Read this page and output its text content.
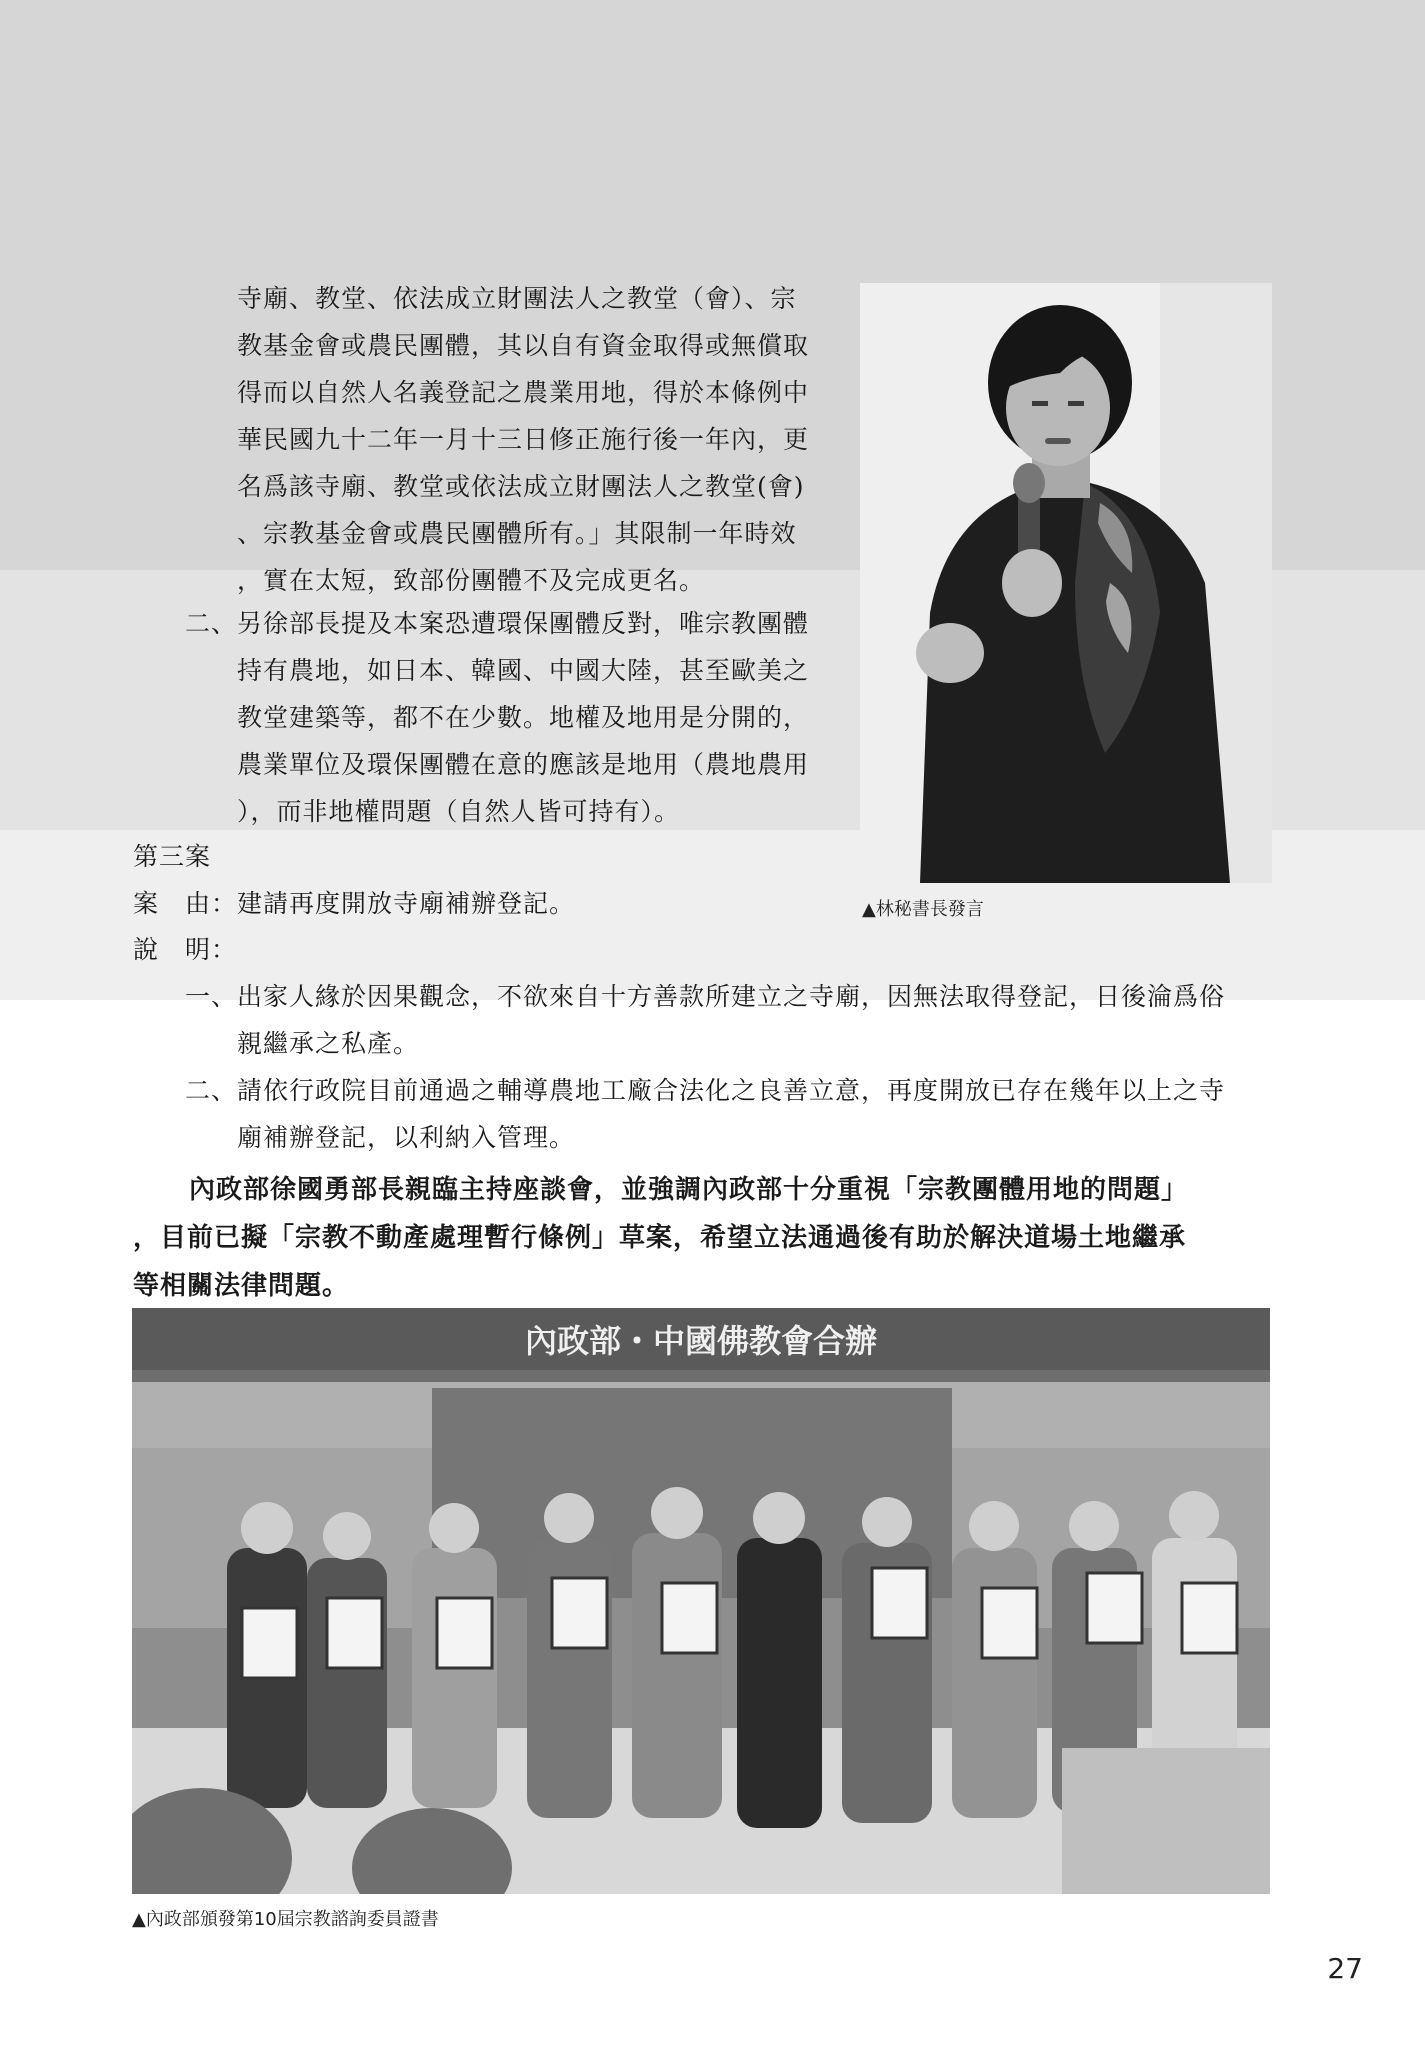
寺廟、教堂、依法成立財團法人之教堂（會）、宗
教基金會或農民團體，其以自有資金取得或無償取
得而以自然人名義登記之農業用地，得於本條例中
華民國九十二年一月十三日修正施行後一年內，更
名爲該寺廟、教堂或依法成立財團法人之教堂(會)
、宗教基金會或農民團體所有。」其限制一年時效
，實在太短，致部份團體不及完成更名。
二、另徐部長提及本案恐遭環保團體反對，唯宗教團體
持有農地，如日本、韓國、中國大陸，甚至歐美之
教堂建築等，都不在少數。地權及地用是分開的，
農業單位及環保團體在意的應該是地用（農地農用
），而非地權問題（自然人皆可持有）。
▲林秘書長發言
第三案
案　由：建請再度開放寺廟補辦登記。
說　明：
一、出家人緣於因果觀念，不欲來自十方善款所建立之寺廟，因無法取得登記，日後淪爲俗
親繼承之私產。
二、請依行政院目前通過之輔導農地工廠合法化之良善立意，再度開放已存在幾年以上之寺
廟補辦登記，以利納入管理。
內政部徐國勇部長親臨主持座談會，並強調內政部十分重視「宗教團體用地的問題」
，目前已擬「宗教不動產處理暫行條例」草案，希望立法通過後有助於解決道場土地繼承
等相關法律問題。
內政部・中國佛教會合辦
▲內政部頒發第10屆宗教諮詢委員證書
27
